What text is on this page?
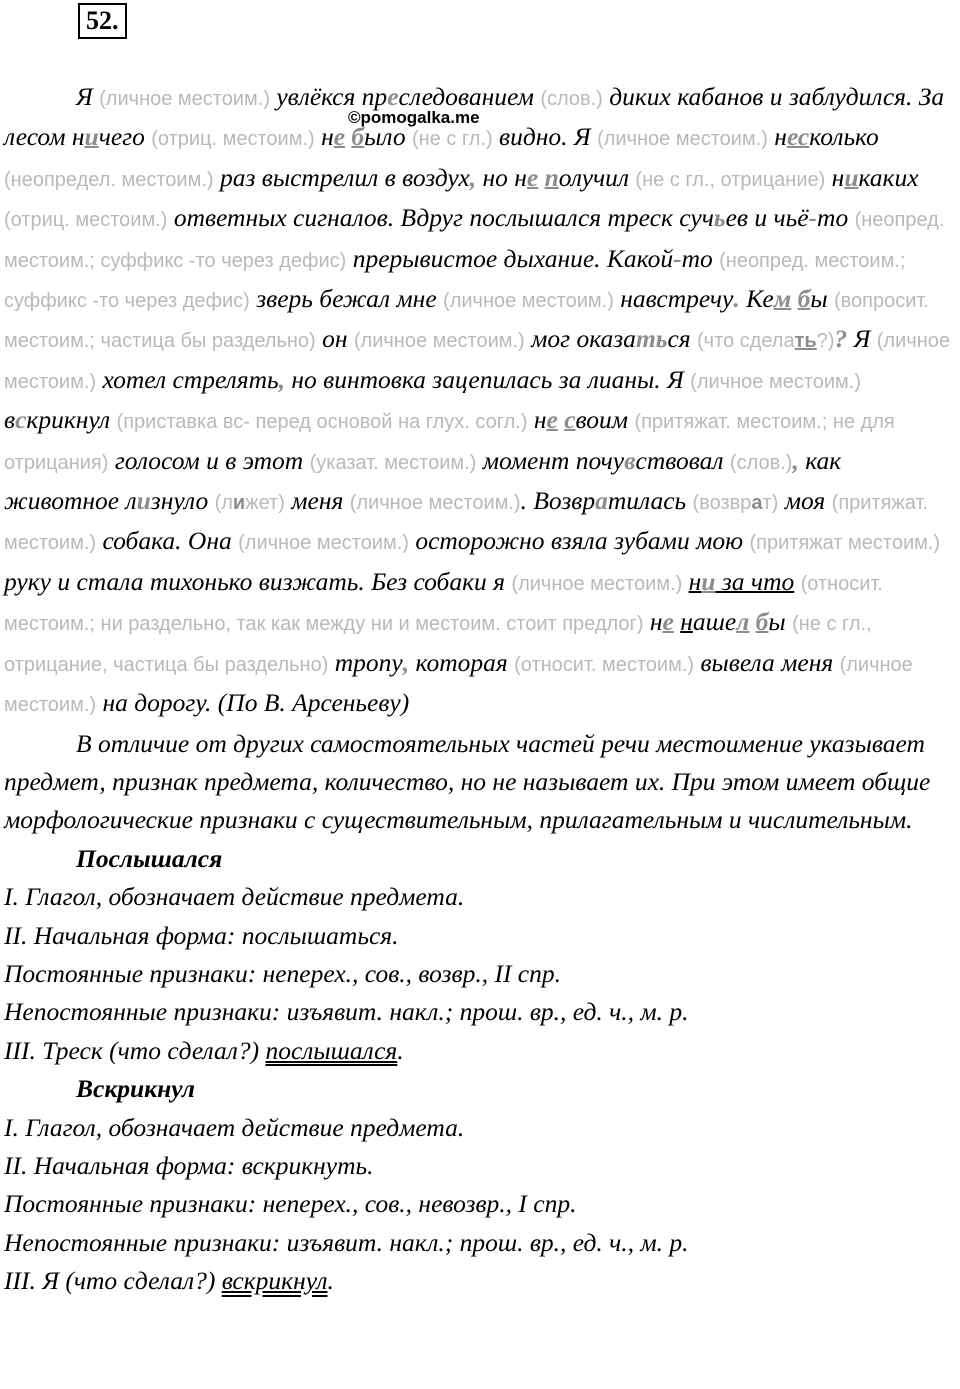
52.
©pomogalka.me

Я (личное местоим.) увлёкся преследованием (слов.) диких кабанов и заблудился. За лесом ничего (отриц. местоим.) не было (не с гл.) видно. Я (личное местоим.) несколько (неопредел. местоим.) раз выстрелил в воздух, но не получил (не с гл., отрицание) никаких (отриц. местоим.) ответных сигналов. Вдруг послышался треск сучьев и чьё-то (неопред. местоим.; суффикс -то через дефис) прерывистое дыхание. Какой-то (неопред. местоим.; суффикс -то через дефис) зверь бежал мне (личное местоим.) навстречу. Кем бы (вопросит. местоим.; частица бы раздельно) он (личное местоим.) мог оказаться (что сделать?)? Я (личное местоим.) хотел стрелять, но винтовка зацепилась за лианы. Я (личное местоим.) вскрикнул (приставка вс- перед основой на глух. согл.) не своим (притяжат. местоим.; не для отрицания) голосом и в этот (указат. местоим.) момент почувствовал (слов.), как животное лизнуло (лижет) меня (личное местоим.). Возвратилась (возврат) моя (притяжат. местоим.) собака. Она (личное местоим.) осторожно взяла зубами мою (притяжат местоим.) руку и стала тихонько визжать. Без собаки я (личное местоим.) ни за что (относит. местоим.; ни раздельно, так как между ни и местоим. стоит предлог) не нашел бы (не с гл., отрицание, частица бы раздельно) тропу, которая (относит. местоим.) вывела меня (личное местоим.) на дорогу. (По В. Арсеньеву)

В отличие от других самостоятельных частей речи местоимение указывает предмет, признак предмета, количество, но не называет их. При этом имеет общие морфологические признаки с существительным, прилагательным и числительным.

Послышался

I. Глагол, обозначает действие предмета.

II. Начальная форма: послышаться.

Постоянные признаки: неперех., сов., возвр., II спр.

Непостоянные признаки: изъявит. накл.; прош. вр., ед. ч., м. р.

III. Треск (что сделал?) послышался.

Вскрикнул

I. Глагол, обозначает действие предмета.

II. Начальная форма: вскрикнуть.

Постоянные признаки: неперех., сов., невозвр., I спр.

Непостоянные признаки: изъявит. накл.; прош. вр., ед. ч., м. р.

III. Я (что сделал?) вскрикнул.
